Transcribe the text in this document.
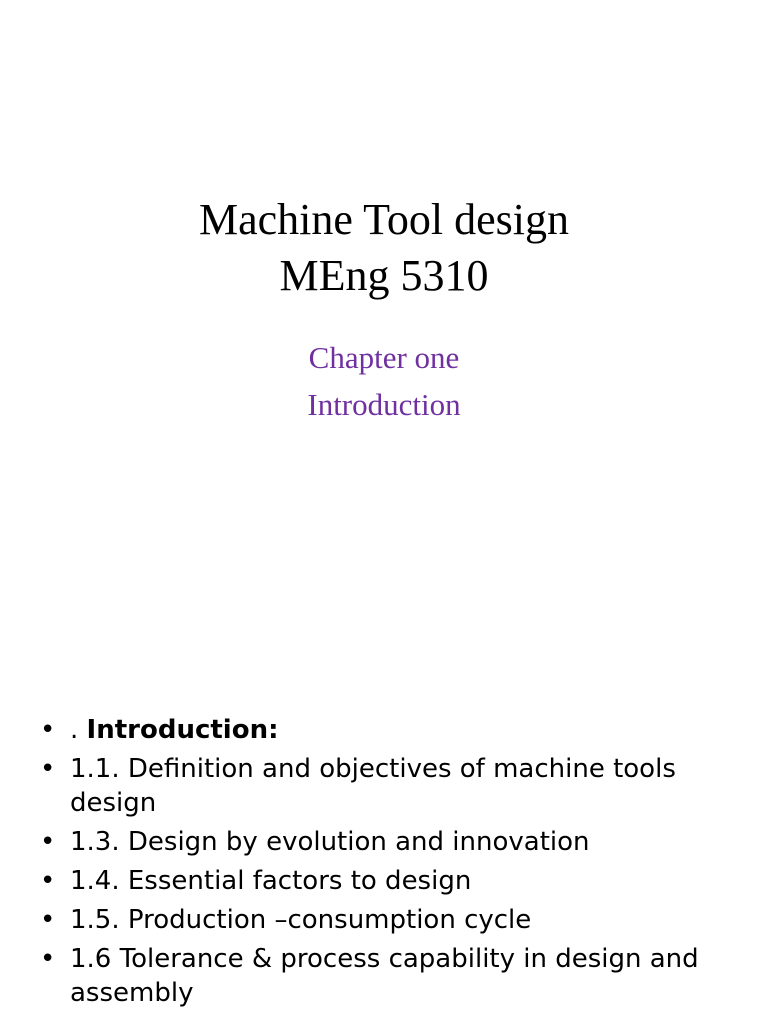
Machine Tool design
MEng 5310
Chapter one
Introduction
• . Introduction:
• 1.1. Definition and objectives of machine tools design
• 1.3. Design by evolution and innovation
• 1.4. Essential factors to design
• 1.5. Production –consumption cycle
• 1.6 Tolerance & process capability in design and assembly
